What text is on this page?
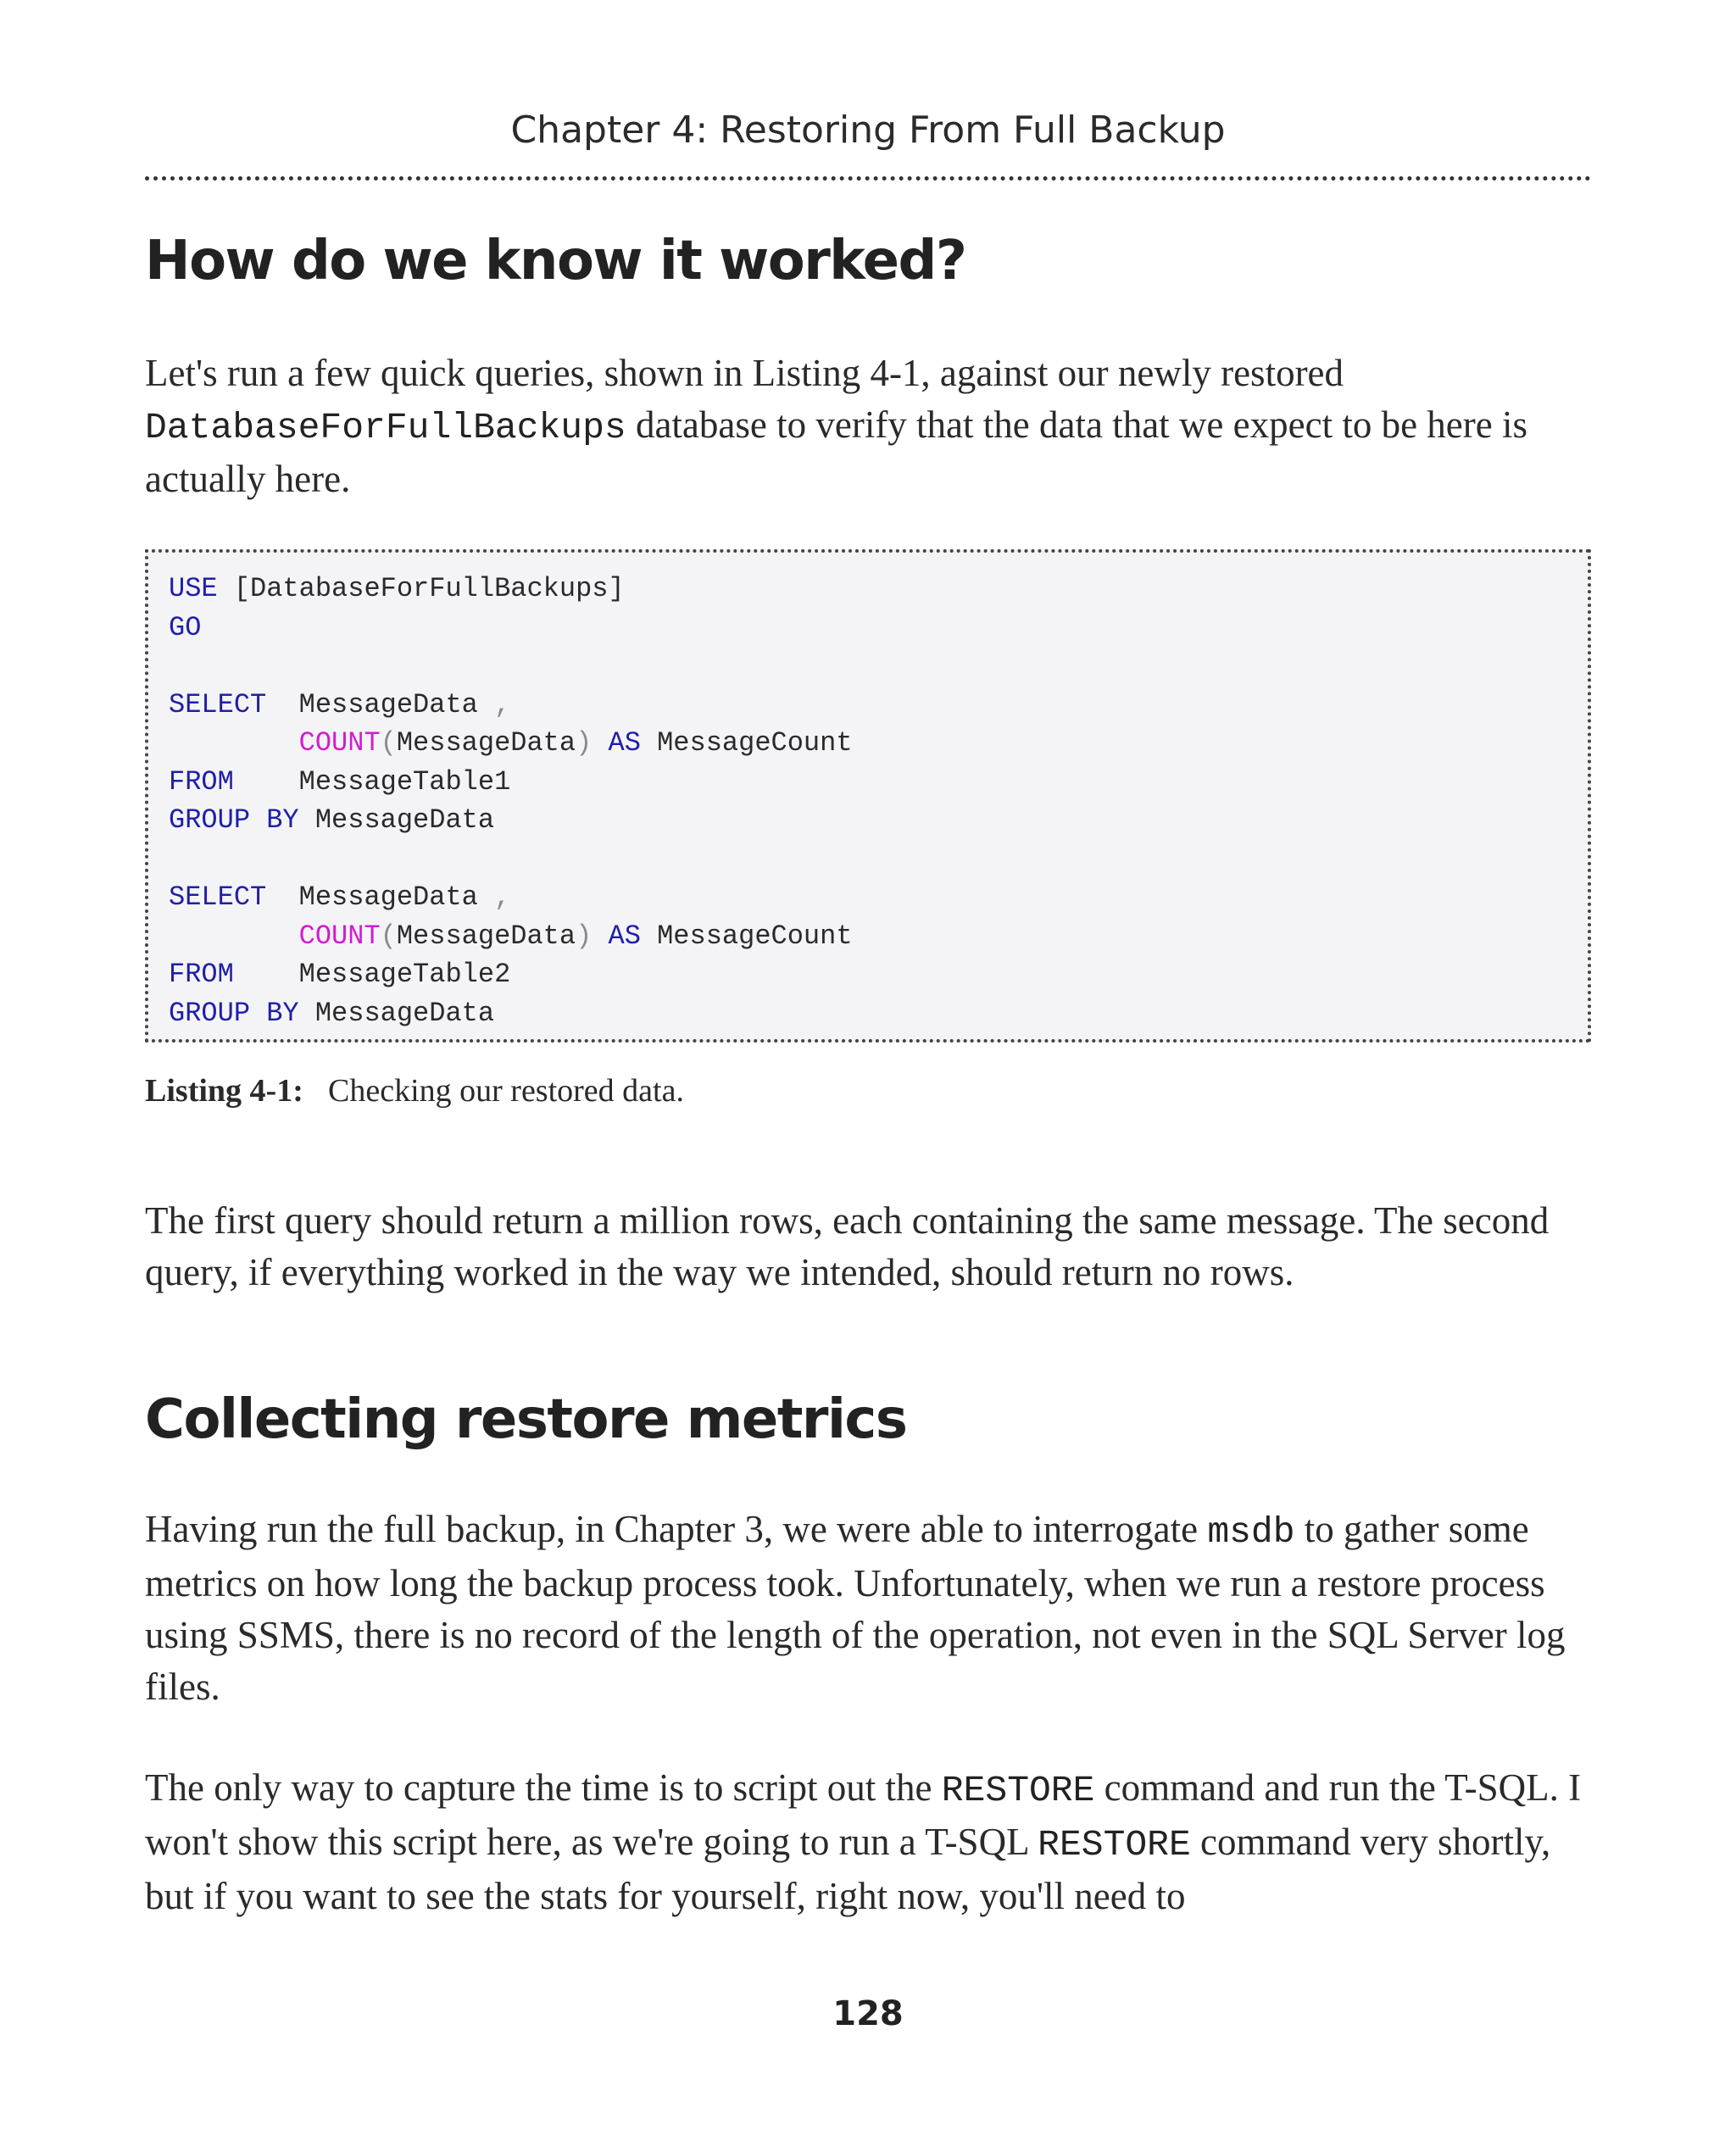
Chapter 4: Restoring From Full Backup
How do we know it worked?

Let's run a few quick queries, shown in Listing 4-1, against our newly restored DatabaseForFullBackups database to verify that the data that we expect to be here is actually here.

USE [DatabaseForFullBackups]
GO
SELECT  MessageData ,
COUNT(MessageData) AS MessageCount
FROM    MessageTable1
GROUP BY MessageData
SELECT  MessageData ,
COUNT(MessageData) AS MessageCount
FROM    MessageTable2
GROUP BY MessageData
Listing 4-1: Checking our restored data.

The first query should return a million rows, each containing the same message. The second query, if everything worked in the way we intended, should return no rows.

Collecting restore metrics

Having run the full backup, in Chapter 3, we were able to interrogate msdb to gather some metrics on how long the backup process took. Unfortunately, when we run a restore process using SSMS, there is no record of the length of the operation, not even in the SQL Server log files.

The only way to capture the time is to script out the RESTORE command and run the T-SQL. I won't show this script here, as we're going to run a T-SQL RESTORE command very shortly, but if you want to see the stats for yourself, right now, you'll need to

128
